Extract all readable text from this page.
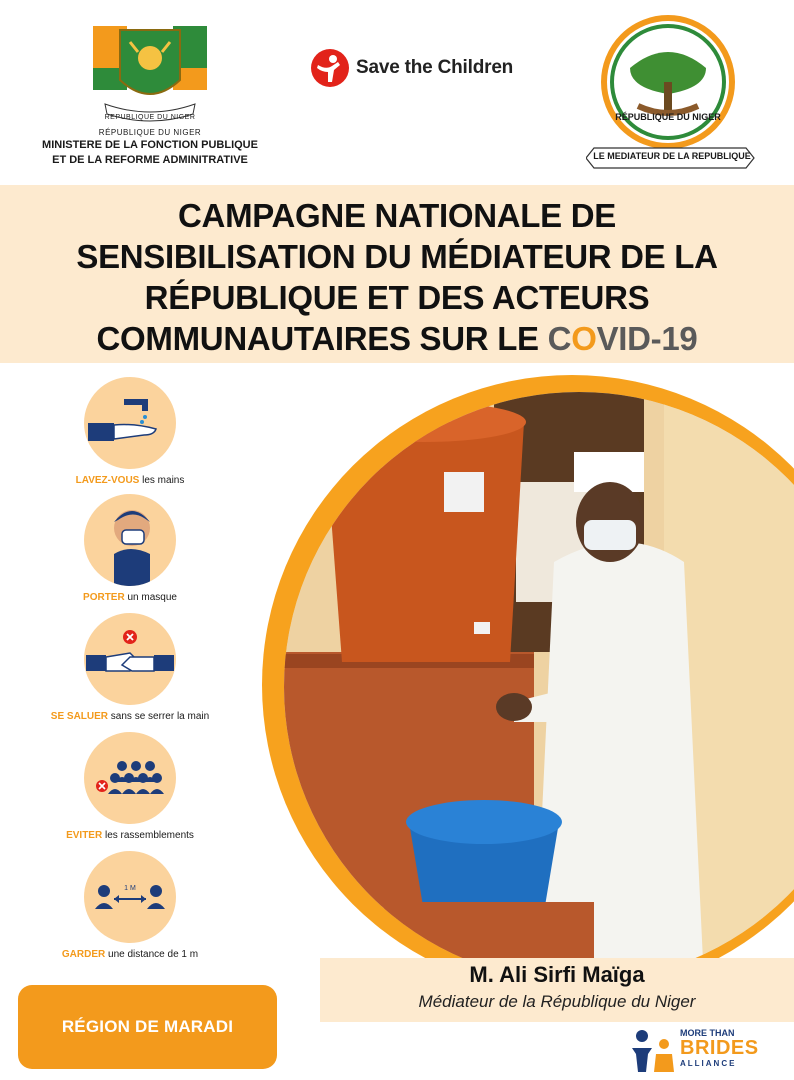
REPUBLIQUE DU NIGER
RÉPUBLIQUE DU NIGER
MINISTERE DE LA FONCTION PUBLIQUE
ET DE LA REFORME ADMINITRATIVE
Save the Children
RÉPUBLIQUE DU NIGER
LE MEDIATEUR DE LA REPUBLIQUE
CAMPAGNE NATIONALE DE
SENSIBILISATION DU MÉDIATEUR DE LA
RÉPUBLIQUE ET DES ACTEURS
COMMUNAUTAIRES SUR LE COVID-19
LAVEZ-VOUS les mains
PORTER un masque
SE SALUER sans se serrer la main
EVITER les rassemblements
1 M
GARDER une distance de 1 m
M. Ali Sirfi Maïga
Médiateur de la République du Niger
RÉGION DE MARADI	MORE THAN
BRIDES
ALLIANCE
